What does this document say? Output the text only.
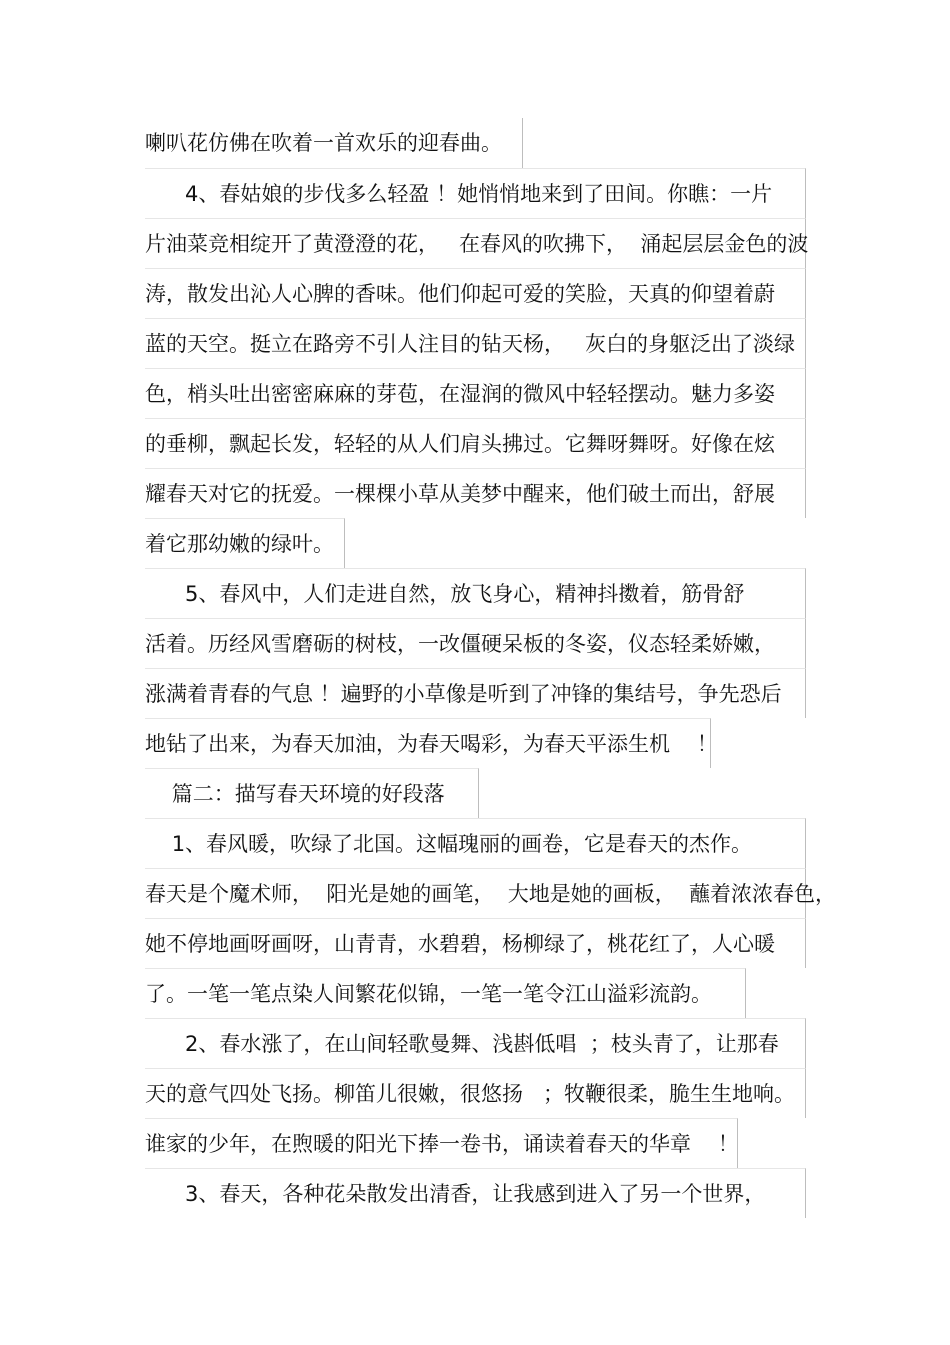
喇叭花仿佛在吹着一首欢乐的迎春曲。
4、春姑娘的步伐多么轻盈 ！她悄悄地来到了田间。你瞧：一片
片油菜竞相绽开了黄澄澄的花，   在春风的吹拂下，  涌起层层金色的波
涛，散发出沁人心脾的香味。他们仰起可爱的笑脸，天真的仰望着蔚
蓝的天空。挺立在路旁不引人注目的钻天杨，   灰白的身躯泛出了淡绿
色，梢头吐出密密麻麻的芽苞，在湿润的微风中轻轻摆动。魅力多姿
的垂柳，飘起长发，轻轻的从人们肩头拂过。它舞呀舞呀。好像在炫
耀春天对它的抚爱。一棵棵小草从美梦中醒来，他们破土而出，舒展
着它那幼嫩的绿叶。
5、春风中，人们走进自然，放飞身心，精神抖擞着，筋骨舒
活着。历经风雪磨砺的树枝，一改僵硬呆板的冬姿，仪态轻柔娇嫩，
涨满着青春的气息 ！遍野的小草像是听到了冲锋的集结号，争先恐后
地钻了出来，为春天加油，为春天喝彩，为春天平添生机    ！
篇二：描写春天环境的好段落
1、春风暖，吹绿了北国。这幅瑰丽的画卷，它是春天的杰作。
春天是个魔术师，  阳光是她的画笔，  大地是她的画板，  蘸着浓浓春色，
她不停地画呀画呀，山青青，水碧碧，杨柳绿了，桃花红了，人心暖
了。一笔一笔点染人间繁花似锦，一笔一笔令江山溢彩流韵。
2、春水涨了，在山间轻歌曼舞、浅斟低唱  ；枝头青了，让那春
天的意气四处飞扬。柳笛儿很嫩，很悠扬   ；牧鞭很柔，脆生生地响。
谁家的少年，在煦暖的阳光下捧一卷书，诵读着春天的华章    ！
3、春天，各种花朵散发出清香，让我感到进入了另一个世界，
